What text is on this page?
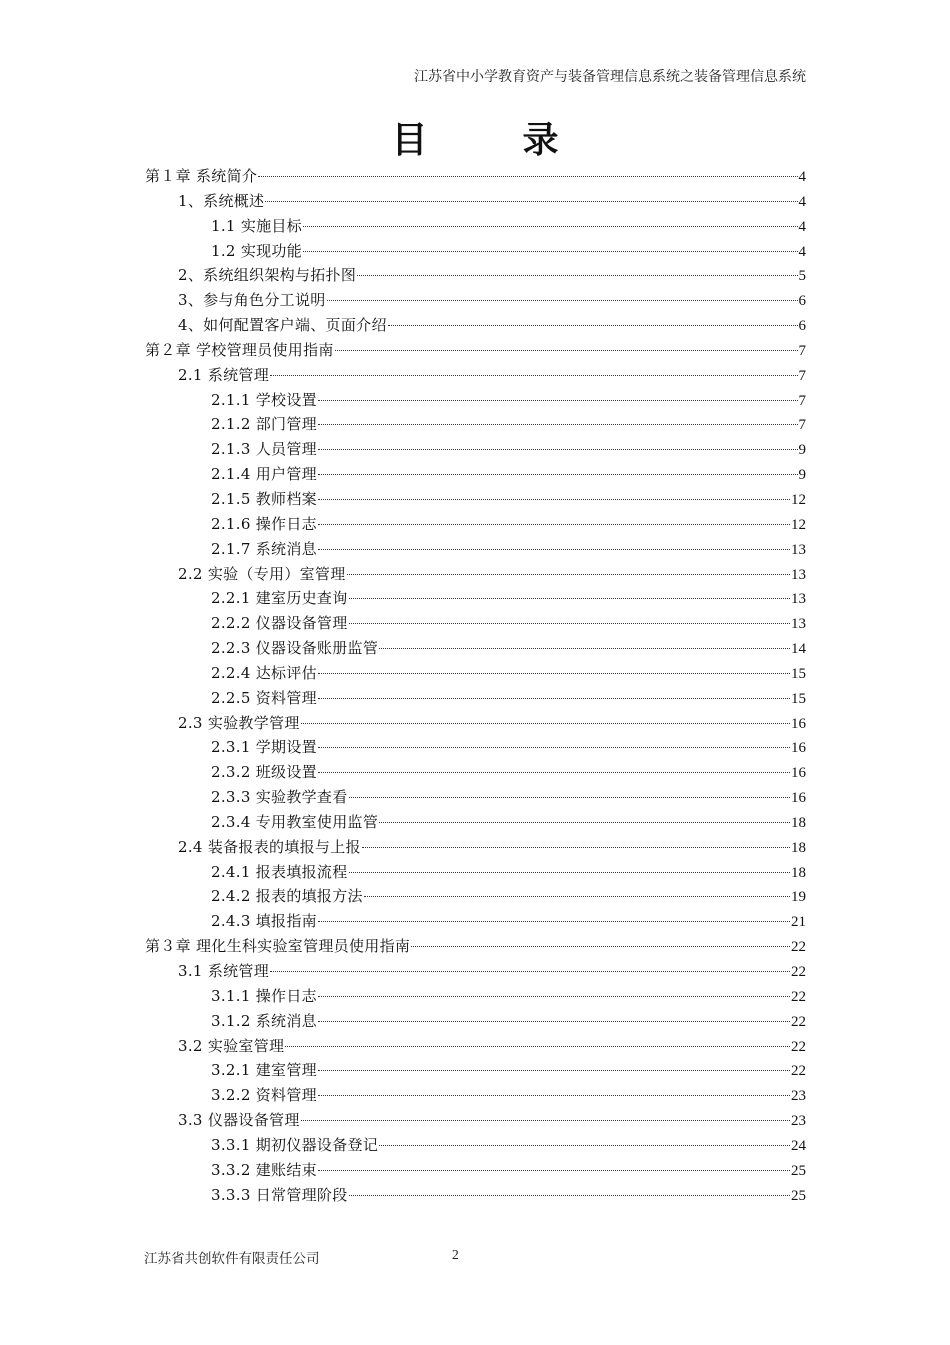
江苏省中小学教育资产与装备管理信息系统之装备管理信息系统
目录
第１章 系统简介	4
1、系统概述	4
1.1 实施目标	4
1.2 实现功能	4
2、系统组织架构与拓扑图	5
3、参与角色分工说明	6
4、如何配置客户端、页面介绍	6
第２章 学校管理员使用指南	7
2.1 系统管理	7
2.1.1 学校设置	7
2.1.2 部门管理	7
2.1.3 人员管理	9
2.1.4 用户管理	9
2.1.5 教师档案	12
2.1.6 操作日志	12
2.1.7 系统消息	13
2.2 实验（专用）室管理	13
2.2.1 建室历史查询	13
2.2.2 仪器设备管理	13
2.2.3 仪器设备账册监管	14
2.2.4 达标评估	15
2.2.5 资料管理	15
2.3 实验教学管理	16
2.3.1 学期设置	16
2.3.2 班级设置	16
2.3.3 实验教学查看	16
2.3.4 专用教室使用监管	18
2.4 装备报表的填报与上报	18
2.4.1 报表填报流程	18
2.4.2 报表的填报方法	19
2.4.3 填报指南	21
第３章 理化生科实验室管理员使用指南	22
3.1 系统管理	22
3.1.1 操作日志	22
3.1.2 系统消息	22
3.2 实验室管理	22
3.2.1 建室管理	22
3.2.2 资料管理	23
3.3 仪器设备管理	23
3.3.1 期初仪器设备登记	24
3.3.2 建账结束	25
3.3.3 日常管理阶段	25
江苏省共创软件有限责任公司	2
